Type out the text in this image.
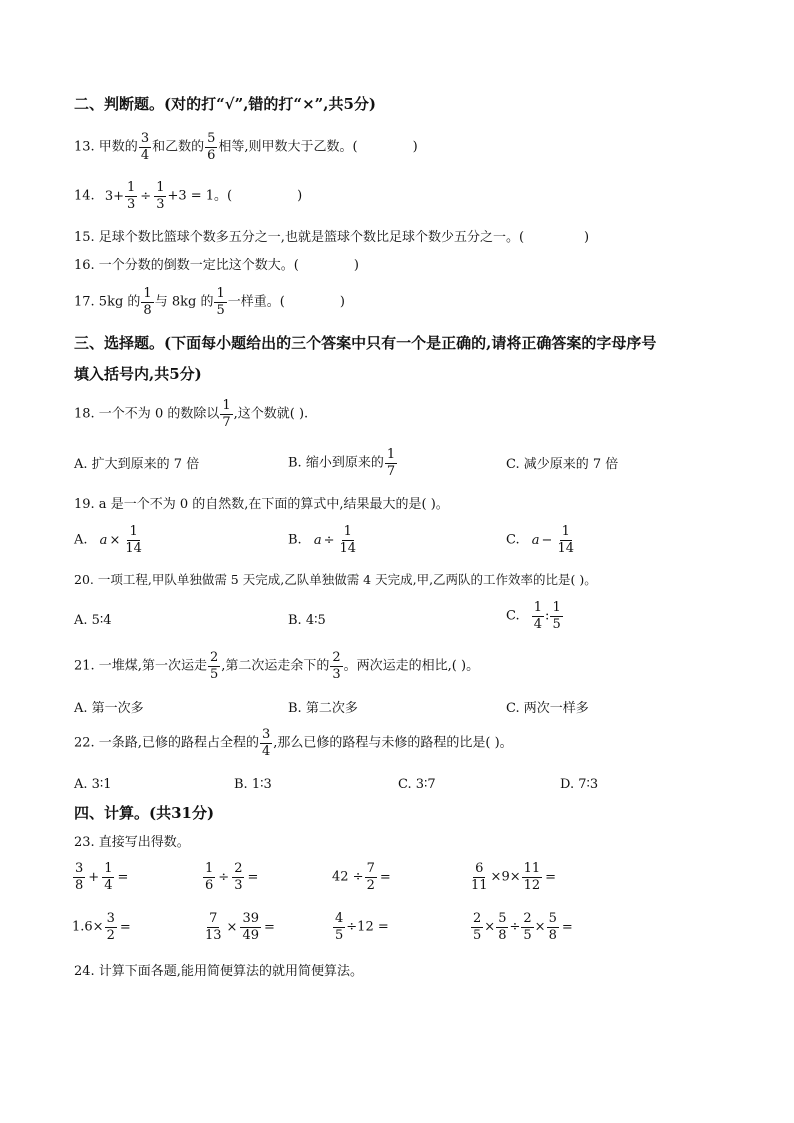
二、判断题。(对的打“√”,错的打“×”,共5分)
13. 甲数的 $\frac{3}{4}$ 和乙数的 $\frac{5}{6}$ 相等,则甲数大于乙数。(	)
14. $3+ \frac{1}{3} \div \frac{1}{3} +3 = 1$。(	)
15. 足球个数比篮球个数多五分之一,也就是篮球个数比足球个数少五分之一。(	)
16. 一个分数的倒数一定比这个数大。(	)
17. 5kg 的 $\frac{1}{8}$ 与 8kg 的 $\frac{1}{5}$ 一样重。(	)
三、选择题。(下面每小题给出的三个答案中只有一个是正确的,请将正确答案的字母序号
填入括号内,共5分)
18. 一个不为 0 的数除以 $\frac{1}{7}$ ,这个数就( ).
A. 扩大到原来的 7 倍	B. 缩小到原来的 $\frac{1}{7}$	C. 减少原来的 7 倍
19. a 是一个不为 0 的自然数,在下面的算式中,结果最大的是( )。
A. $a \times \frac{1}{14}$	B. $a \div \frac{1}{14}$	C. $a - \frac{1}{14}$
20. 一项工程,甲队单独做需 5 天完成,乙队单独做需 4 天完成,甲,乙两队的工作效率的比是( )。
A. 5∶4	B. 4∶5	C. $\frac{1}{4}$ : $\frac{1}{5}$
21. 一堆煤,第一次运走 $\frac{2}{5}$ ,第二次运走余下的 $\frac{2}{3}$ 。两次运走的相比,( )。
A. 第一次多	B. 第二次多	C. 两次一样多
22. 一条路,已修的路程占全程的 $\frac{3}{4}$ ,那么已修的路程与未修的路程的比是( )。
A. 3∶1	B. 1∶3	C. 3∶7	D. 7∶3
四、计算。(共31分)
23. 直接写出得数。
$\frac{3}{8} + \frac{1}{4}$ =	$\frac{1}{6} \div \frac{2}{3}$ =	$42 \div \frac{7}{2}$ =	$\frac{6}{11} \times 9\times \frac{11}{12}$ =
$1.6\times \frac{3}{2}$ =	$\frac{7}{13} \times \frac{39}{49}$ =	$\frac{4}{5} \div 12$ =	$\frac{2}{5} \times \frac{5}{8} \div \frac{2}{5} \times \frac{5}{8}$ =
24. 计算下面各题,能用简便算法的就用简便算法。
